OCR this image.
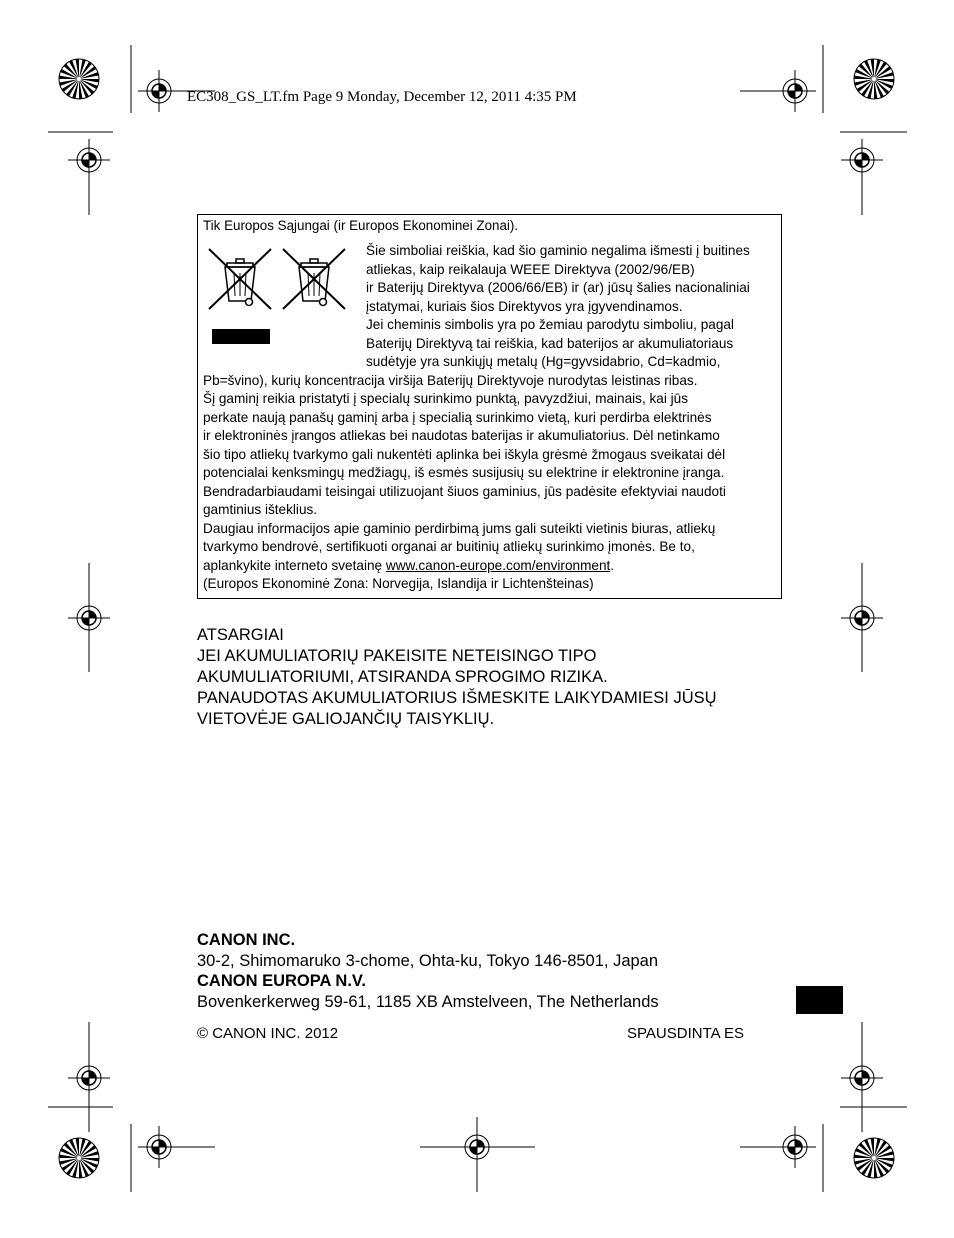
EC308_GS_LT.fm Page 9 Monday, December 12, 2011 4:35 PM
Tik Europos Sąjungai (ir Europos Ekonominei Zonai).
Šie simboliai reiškia, kad šio gaminio negalima išmesti į buitines
atliekas, kaip reikalauja WEEE Direktyva (2002/96/EB)
ir Baterijų Direktyva (2006/66/EB) ir (ar) jūsų šalies nacionaliniai
įstatymai, kuriais šios Direktyvos yra įgyvendinamos.
Jei cheminis simbolis yra po žemiau parodytu simboliu, pagal
Baterijų Direktyvą tai reiškia, kad baterijos ar akumuliatoriaus
sudėtyje yra sunkiųjų metalų (Hg=gyvsidabrio, Cd=kadmio,
Pb=švino), kurių koncentracija viršija Baterijų Direktyvoje nurodytas leistinas ribas.
Šį gaminį reikia pristatyti į specialų surinkimo punktą, pavyzdžiui, mainais, kai jūs
perkate naują panašų gaminį arba į specialią surinkimo vietą, kuri perdirba elektrinės
ir elektroninės įrangos atliekas bei naudotas baterijas ir akumuliatorius. Dėl netinkamo
šio tipo atliekų tvarkymo gali nukentėti aplinka bei iškyla grėsmė žmogaus sveikatai dėl
potencialai kenksmingų medžiagų, iš esmės susijusių su elektrine ir elektronine įranga.
Bendradarbiaudami teisingai utilizuojant šiuos gaminius, jūs padėsite efektyviai naudoti
gamtinius išteklius.
Daugiau informacijos apie gaminio perdirbimą jums gali suteikti vietinis biuras, atliekų
tvarkymo bendrovė, sertifikuoti organai ar buitinių atliekų surinkimo įmonės. Be to,
aplankykite interneto svetainę www.canon-europe.com/environment.
(Europos Ekonominė Zona: Norvegija, Islandija ir Lichtenšteinas)
ATSARGIAI
JEI AKUMULIATORIŲ PAKEISITE NETEISINGO TIPO
AKUMULIATORIUMI, ATSIRANDA SPROGIMO RIZIKA.
PANAUDOTAS AKUMULIATORIUS IŠMESKITE LAIKYDAMIESI JŪSŲ
VIETOVĖJE GALIOJANČIŲ TAISYKLIŲ.
CANON INC.
30-2, Shimomaruko 3-chome, Ohta-ku, Tokyo 146-8501, Japan
CANON EUROPA N.V.
Bovenkerkerweg 59-61, 1185 XB Amstelveen, The Netherlands
© CANON INC. 2012	SPAUSDINTA ES
